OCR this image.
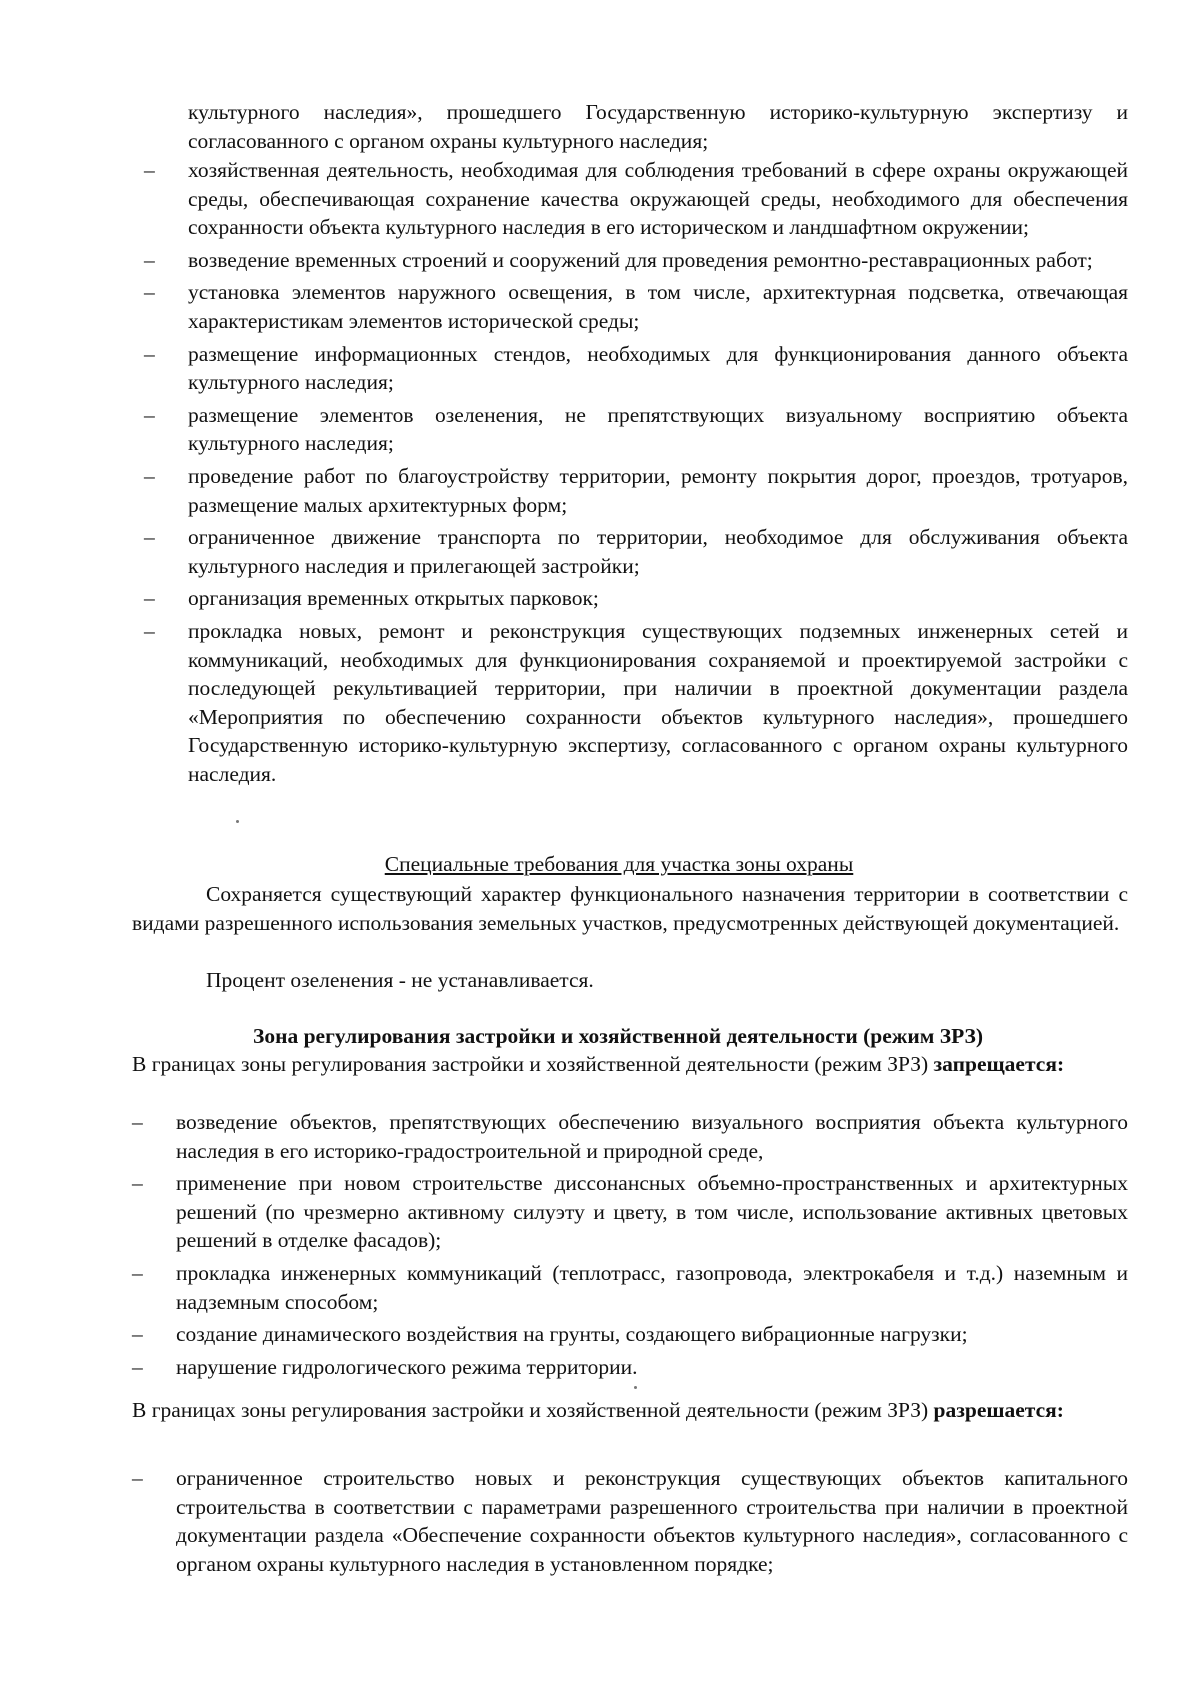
культурного наследия», прошедшего Государственную историко-культурную экспертизу и согласованного с органом охраны культурного наследия;
– хозяйственная деятельность, необходимая для соблюдения требований в сфере охраны окружающей среды, обеспечивающая сохранение качества окружающей среды, необходимого для обеспечения сохранности объекта культурного наследия в его историческом и ландшафтном окружении;
– возведение временных строений и сооружений для проведения ремонтно-реставрационных работ;
– установка элементов наружного освещения, в том числе, архитектурная подсветка, отвечающая характеристикам элементов исторической среды;
– размещение информационных стендов, необходимых для функционирования данного объекта культурного наследия;
– размещение элементов озеленения, не препятствующих визуальному восприятию объекта культурного наследия;
– проведение работ по благоустройству территории, ремонту покрытия дорог, проездов, тротуаров, размещение малых архитектурных форм;
– ограниченное движение транспорта по территории, необходимое для обслуживания объекта культурного наследия и прилегающей застройки;
– организация временных открытых парковок;
– прокладка новых, ремонт и реконструкция существующих подземных инженерных сетей и коммуникаций, необходимых для функционирования сохраняемой и проектируемой застройки с последующей рекультивацией территории, при наличии в проектной документации раздела «Мероприятия по обеспечению сохранности объектов культурного наследия», прошедшего Государственную историко-культурную экспертизу, согласованного с органом охраны культурного наследия.
Специальные требования для участка зоны охраны
Сохраняется существующий характер функционального назначения территории в соответствии с видами разрешенного использования земельных участков, предусмотренных действующей документацией.
Процент озеленения - не устанавливается.
Зона регулирования застройки и хозяйственной деятельности (режим ЗРЗ)
В границах зоны регулирования застройки и хозяйственной деятельности (режим ЗРЗ) запрещается:
– возведение объектов, препятствующих обеспечению визуального восприятия объекта культурного наследия в его историко-градостроительной и природной среде,
– применение при новом строительстве диссонансных объемно-пространственных и архитектурных решений (по чрезмерно активному силуэту и цвету, в том числе, использование активных цветовых решений в отделке фасадов);
– прокладка инженерных коммуникаций (теплотрасс, газопровода, электрокабеля и т.д.) наземным и надземным способом;
– создание динамического воздействия на грунты, создающего вибрационные нагрузки;
– нарушение гидрологического режима территории.
В границах зоны регулирования застройки и хозяйственной деятельности (режим ЗРЗ) разрешается:
– ограниченное строительство новых и реконструкция существующих объектов капитального строительства в соответствии с параметрами разрешенного строительства при наличии в проектной документации раздела «Обеспечение сохранности объектов культурного наследия», согласованного с органом охраны культурного наследия в установленном порядке;
